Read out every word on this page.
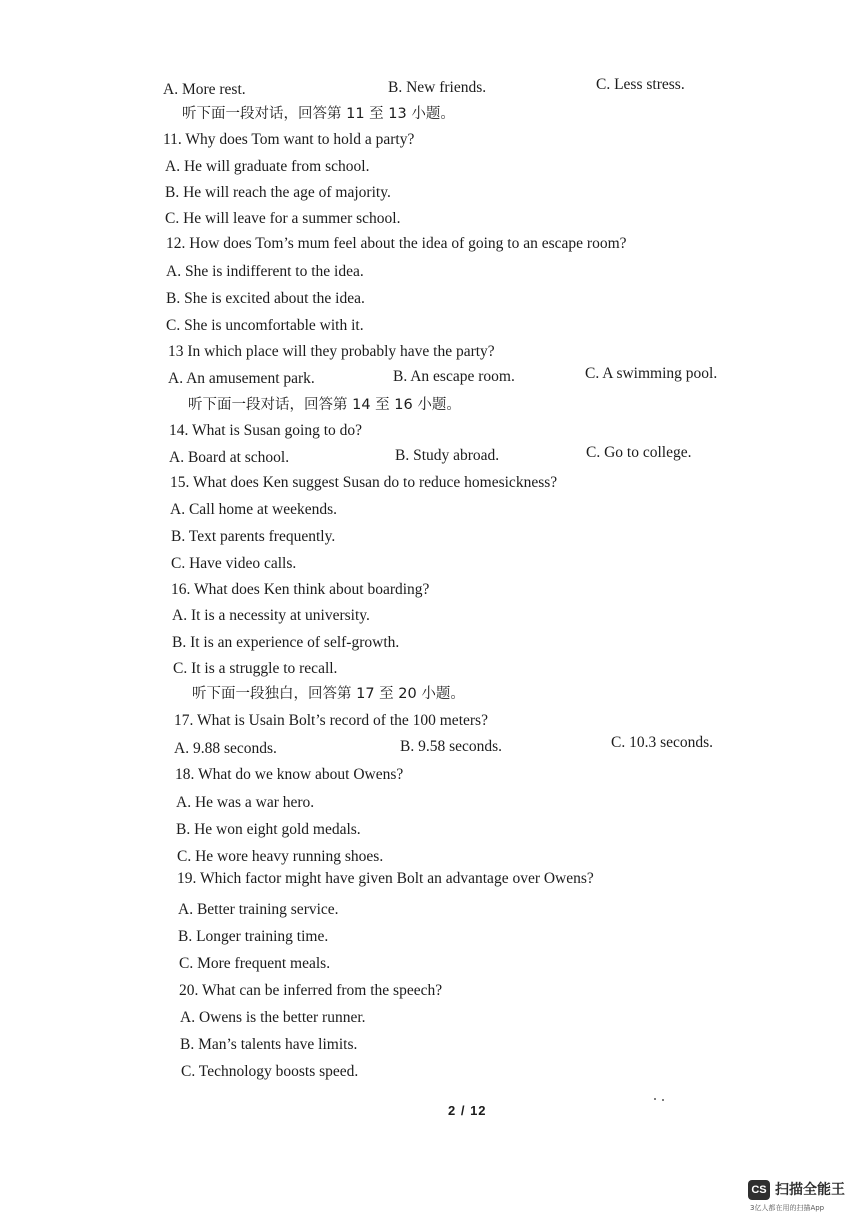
A. More rest.	B. New friends.	C. Less stress.
听下面一段对话，回答第 11 至 13 小题。
11. Why does Tom want to hold a party?
A. He will graduate from school.
B. He will reach the age of majority.
C. He will leave for a summer school.
12. How does Tom’s mum feel about the idea of going to an escape room?
A. She is indifferent to the idea.
B. She is excited about the idea.
C. She is uncomfortable with it.
13 In which place will they probably have the party?
A. An amusement park.	B. An escape room.	C. A swimming pool.
听下面一段对话，回答第 14 至 16 小题。
14. What is Susan going to do?
A. Board at school.	B. Study abroad.	C. Go to college.
15. What does Ken suggest Susan do to reduce homesickness?
A. Call home at weekends.
B. Text parents frequently.
C. Have video calls.
16. What does Ken think about boarding?
A. It is a necessity at university.
B. It is an experience of self-growth.
C. It is a struggle to recall.
听下面一段独白，回答第 17 至 20 小题。
17. What is Usain Bolt’s record of the 100 meters?
A. 9.88 seconds.	B. 9.58 seconds.	C. 10.3 seconds.
18. What do we know about Owens?
A. He was a war hero.
B. He won eight gold medals.
C. He wore heavy running shoes.
19. Which factor might have given Bolt an advantage over Owens?
A. Better training service.
B. Longer training time.
C. More frequent meals.
20. What can be inferred from the speech?
A. Owens is the better runner.
B. Man’s talents have limits.
C. Technology boosts speed.
2 / 12
CS 扫描全能王
3亿人都在用的扫描App
